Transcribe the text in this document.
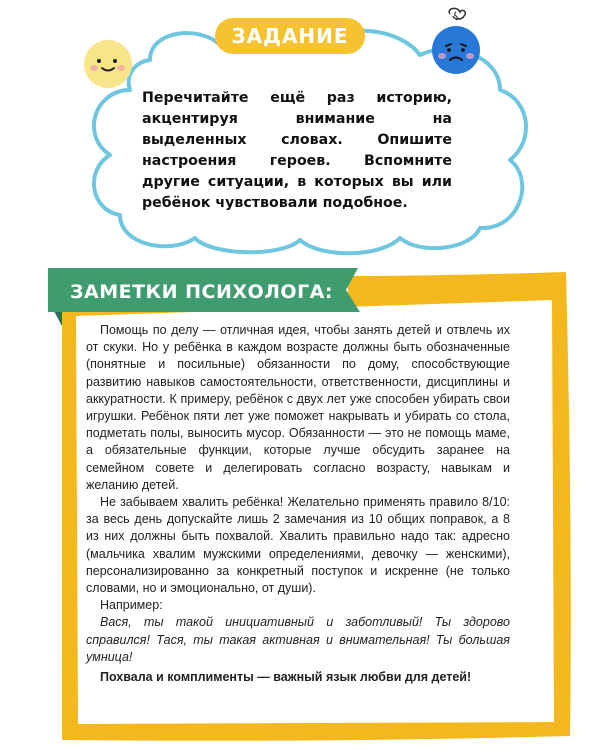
ЗАДАНИЕ

Перечитайте ещё раз историю, акцентируя внимание на выделенных словах. Опишите настроения героев. Вспомните другие ситуации, в которых вы или ребёнок чувствовали подобное.

ЗАМЕТКИ ПСИХОЛОГА:

Помощь по делу — отличная идея, чтобы занять детей и отвлечь их от скуки. Но у ребёнка в каждом возрасте должны быть обозначенные (понятные и посильные) обязанности по дому, способствующие развитию навыков самостоятельности, ответственности, дисциплины и аккуратности. К примеру, ребёнок с двух лет уже способен убирать свои игрушки. Ребёнок пяти лет уже поможет накрывать и убирать со стола, подметать полы, выносить мусор. Обязанности — это не помощь маме, а обязательные функции, которые лучше обсудить заранее на семейном совете и делегировать согласно возрасту, навыкам и желанию детей.

Не забываем хвалить ребёнка! Желательно применять правило 8/10: за весь день допускайте лишь 2 замечания из 10 общих поправок, а 8 из них должны быть похвалой. Хвалить правильно надо так: адресно (мальчика хвалим мужскими определениями, девочку — женскими), персонализированно за конкретный поступок и искренне (не только словами, но и эмоционально, от души).

Например:

Вася, ты такой инициативный и заботливый! Ты здорово справился! Тася, ты такая активная и внимательная! Ты большая умница!

Похвала и комплименты — важный язык любви для детей!
